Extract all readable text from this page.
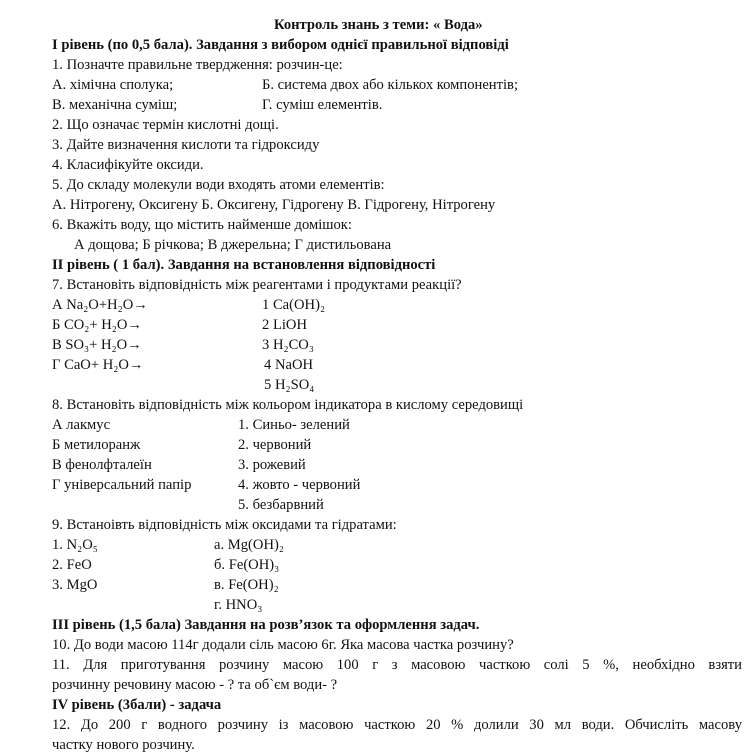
Контроль знань з теми: « Вода»
I рівень (по 0,5 бала). Завдання з вибором однієї правильної відповіді
1. Позначте правильне твердження: розчин-це:
А. хімічна сполука;	Б. система двох або кількох компонентів;
В. механічна суміш;	Г. суміш елементів.
2. Що означає термін кислотні дощі.
3. Дайте визначення кислоти та гідроксиду
4. Класифікуйте оксиди.
5. До складу молекули води входять атоми елементів:
А. Нітрогену, Оксигену Б. Оксигену, Гідрогену В. Гідрогену, Нітрогену
6. Вкажіть воду, що містить найменше домішок:
А дощова; Б річкова; В джерельна; Г дистильована
II рівень ( 1 бал). Завдання на встановлення відповідності
7. Встановіть відповідність між реагентами і продуктами реакції?
А Na₂O+H₂O→	1 Ca(OH)₂
Б CO₂+ H₂O→	2 LiOH
В SO₃+ H₂O→	3 H₂CO₃
Г CaO+ H₂O→	4 NaOH
5 H₂SO₄
8. Встановіть відповідність між кольором індикатора в кислому середовищі
А лакмус	1. Синьо- зелений
Б метилоранж	2. червоний
В фенолфталеїн	3. рожевий
Г універсальний папір	4. жовто - червоний
5. безбарвний
9. Встаноівть відповідність між оксидами та гідратами:
1. N₂O₅	а. Mg(OH)₂
2. FeO	б. Fe(OH)₃
3. MgO	в. Fe(OH)₂
г. HNO₃
III рівень (1,5 бала) Завдання на розв’язок та оформлення задач.
10. До води масою 114г додали сіль масою 6г. Яка масова частка розчину?
11. Для приготування розчину масою 100 г з масовою часткою солі 5 %, необхідно взяти
розчинну речовину масою - ? та об`єм води- ?
IV рівень (3бали) - задача
12. До 200 г водного розчину із масовою часткою 20 % долили 30 мл води. Обчисліть масову
частку нового розчину.
